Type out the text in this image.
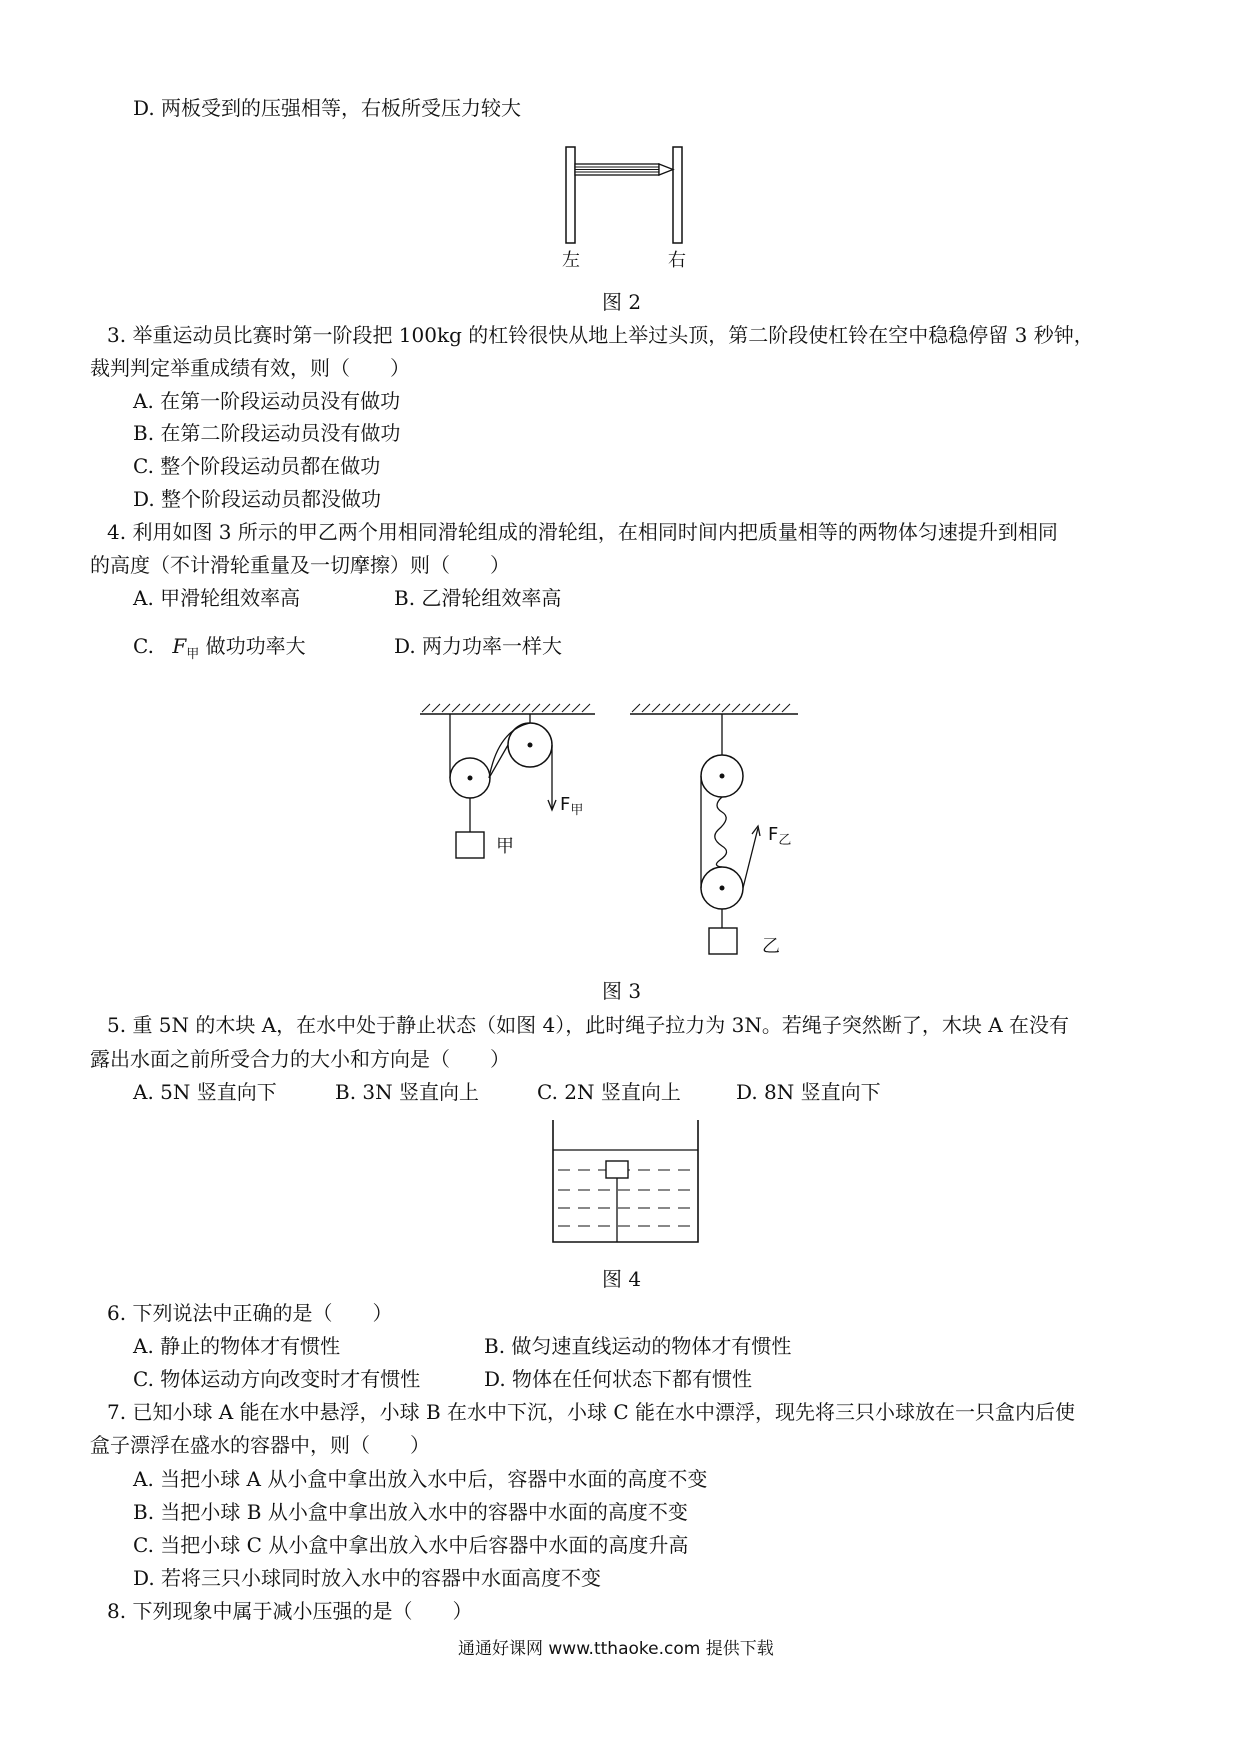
D. 两板受到的压强相等，右板所受压力较大
左	右
图 2
3. 举重运动员比赛时第一阶段把 100kg 的杠铃很快从地上举过头顶，第二阶段使杠铃在空中稳稳停留 3 秒钟，
裁判判定举重成绩有效，则（　　）
A. 在第一阶段运动员没有做功
B. 在第二阶段运动员没有做功
C. 整个阶段运动员都在做功
D. 整个阶段运动员都没做功
4. 利用如图 3 所示的甲乙两个用相同滑轮组成的滑轮组，在相同时间内把质量相等的两物体匀速提升到相同
的高度（不计滑轮重量及一切摩擦）则（　　）
A. 甲滑轮组效率高	B. 乙滑轮组效率高
C. $F_甲$ 做功功率大	D. 两力功率一样大
$F_甲$
甲
$F_乙$
乙
图 3
5. 重 5N 的木块 A，在水中处于静止状态（如图 4），此时绳子拉力为 3N。若绳子突然断了，木块 A 在没有
露出水面之前所受合力的大小和方向是（　　）
A. 5N 竖直向下	B. 3N 竖直向上	C. 2N 竖直向上	D. 8N 竖直向下
图 4
6. 下列说法中正确的是（　　）
A. 静止的物体才有惯性	B. 做匀速直线运动的物体才有惯性
C. 物体运动方向改变时才有惯性	D. 物体在任何状态下都有惯性
7. 已知小球 A 能在水中悬浮，小球 B 在水中下沉，小球 C 能在水中漂浮，现先将三只小球放在一只盒内后使
盒子漂浮在盛水的容器中，则（　　）
A. 当把小球 A 从小盒中拿出放入水中后，容器中水面的高度不变
B. 当把小球 B 从小盒中拿出放入水中的容器中水面的高度不变
C. 当把小球 C 从小盒中拿出放入水中后容器中水面的高度升高
D. 若将三只小球同时放入水中的容器中水面高度不变
8. 下列现象中属于减小压强的是（　　）
通通好课网 www.tthaoke.com 提供下载
